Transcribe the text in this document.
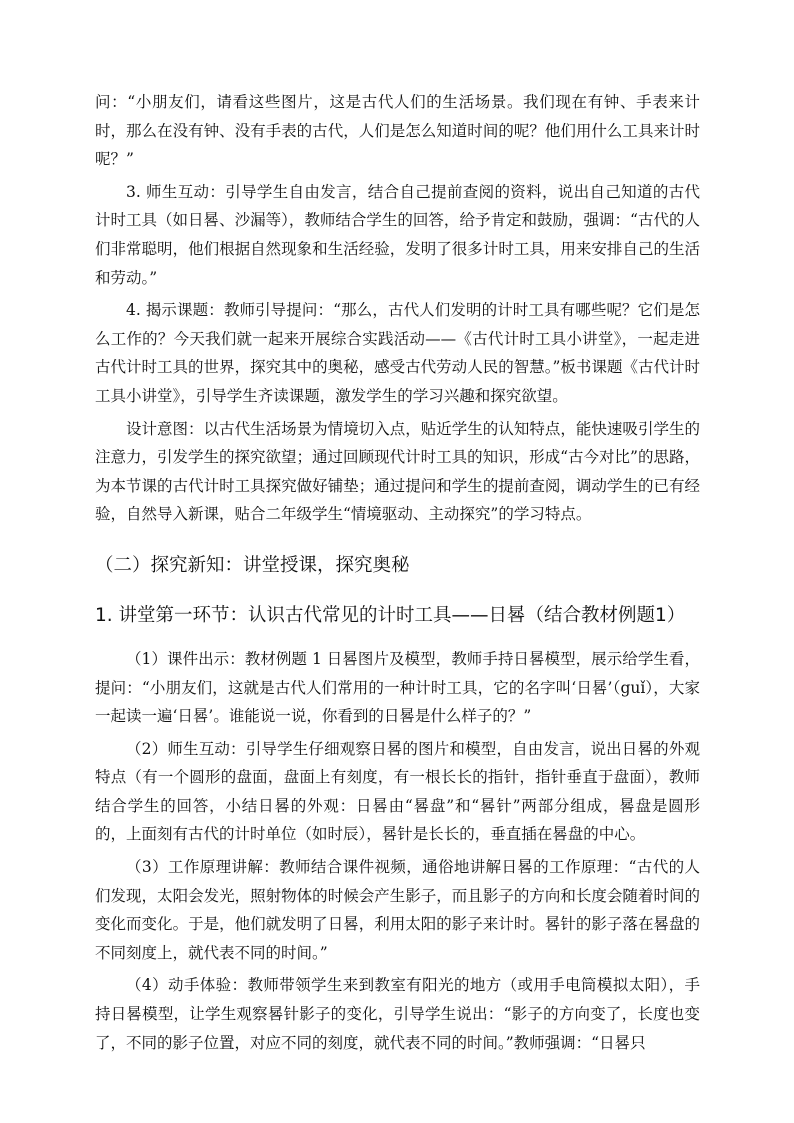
问：“小朋友们，请看这些图片，这是古代人们的生活场景。我们现在有钟、手表来计时，那么在没有钟、没有手表的古代，人们是怎么知道时间的呢？他们用什么工具来计时呢？”

3. 师生互动：引导学生自由发言，结合自己提前查阅的资料，说出自己知道的古代计时工具（如日晷、沙漏等），教师结合学生的回答，给予肯定和鼓励，强调：“古代的人们非常聪明，他们根据自然现象和生活经验，发明了很多计时工具，用来安排自己的生活和劳动。”

4. 揭示课题：教师引导提问：“那么，古代人们发明的计时工具有哪些呢？它们是怎么工作的？今天我们就一起来开展综合实践活动——《古代计时工具小讲堂》，一起走进古代计时工具的世界，探究其中的奥秘，感受古代劳动人民的智慧。”板书课题《古代计时工具小讲堂》，引导学生齐读课题，激发学生的学习兴趣和探究欲望。

设计意图：以古代生活场景为情境切入点，贴近学生的认知特点，能快速吸引学生的注意力，引发学生的探究欲望；通过回顾现代计时工具的知识，形成“古今对比”的思路，为本节课的古代计时工具探究做好铺垫；通过提问和学生的提前查阅，调动学生的已有经验，自然导入新课，贴合二年级学生“情境驱动、主动探究”的学习特点。

（二）探究新知：讲堂授课，探究奥秘
1. 讲堂第一环节：认识古代常见的计时工具——日晷（结合教材例题1）

（1）课件出示：教材例题 1 日晷图片及模型，教师手持日晷模型，展示给学生看，提问：“小朋友们，这就是古代人们常用的一种计时工具，它的名字叫‘日晷’（guǐ），大家一起读一遍‘日晷’。谁能说一说，你看到的日晷是什么样子的？”

（2）师生互动：引导学生仔细观察日晷的图片和模型，自由发言，说出日晷的外观特点（有一个圆形的盘面，盘面上有刻度，有一根长长的指针，指针垂直于盘面），教师结合学生的回答，小结日晷的外观：日晷由“晷盘”和“晷针”两部分组成，晷盘是圆形的，上面刻有古代的计时单位（如时辰），晷针是长长的，垂直插在晷盘的中心。

（3）工作原理讲解：教师结合课件视频，通俗地讲解日晷的工作原理：“古代的人们发现，太阳会发光，照射物体的时候会产生影子，而且影子的方向和长度会随着时间的变化而变化。于是，他们就发明了日晷，利用太阳的影子来计时。晷针的影子落在晷盘的不同刻度上，就代表不同的时间。”

（4）动手体验：教师带领学生来到教室有阳光的地方（或用手电筒模拟太阳），手持日晷模型，让学生观察晷针影子的变化，引导学生说出：“影子的方向变了，长度也变了，不同的影子位置，对应不同的刻度，就代表不同的时间。”教师强调：“日晷只
